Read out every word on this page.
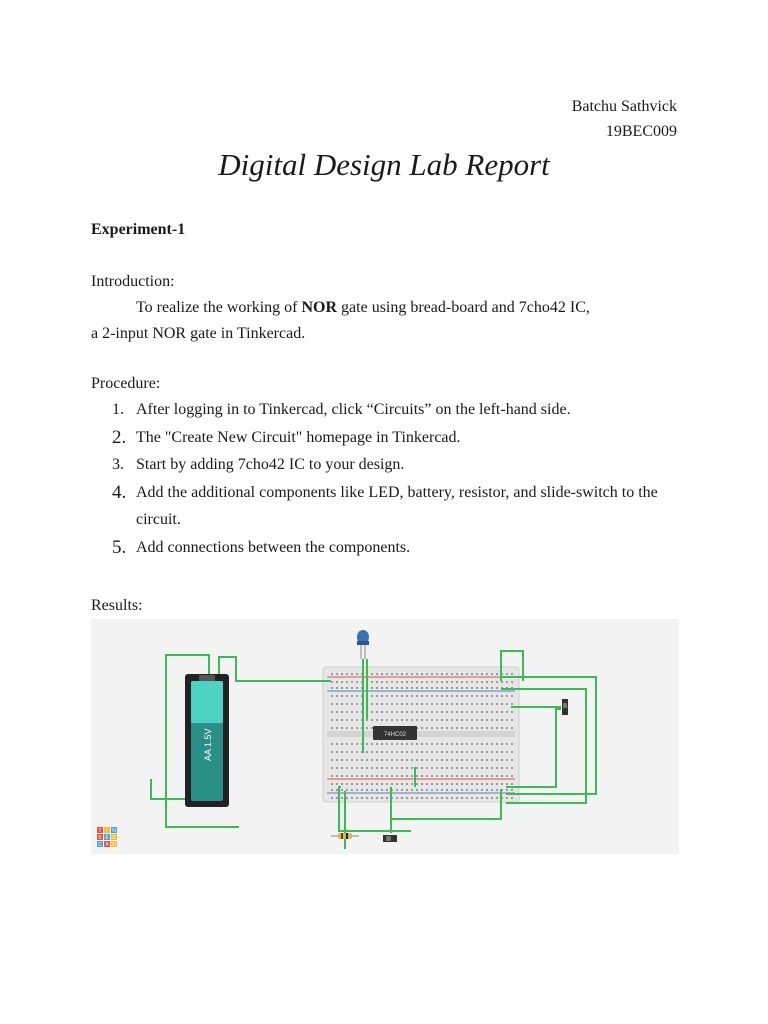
Batchu Sathvick
19BEC009
Digital Design Lab Report
Experiment-1
Introduction:
To realize the working of NOR gate using bread-board and 7cho42 IC,
a 2-input NOR gate in Tinkercad.
Procedure:
1. After logging in to Tinkercad, click “Circuits” on the left-hand side.
2. The "Create New Circuit" homepage in Tinkercad.
3. Start by adding 7cho42 IC to your design.
4. Add the additional components like LED, battery, resistor, and slide-switch to the circuit.
5. Add connections between the components.
Results:
AA 1.5V	74HC02
T I N
K E R
C A D
